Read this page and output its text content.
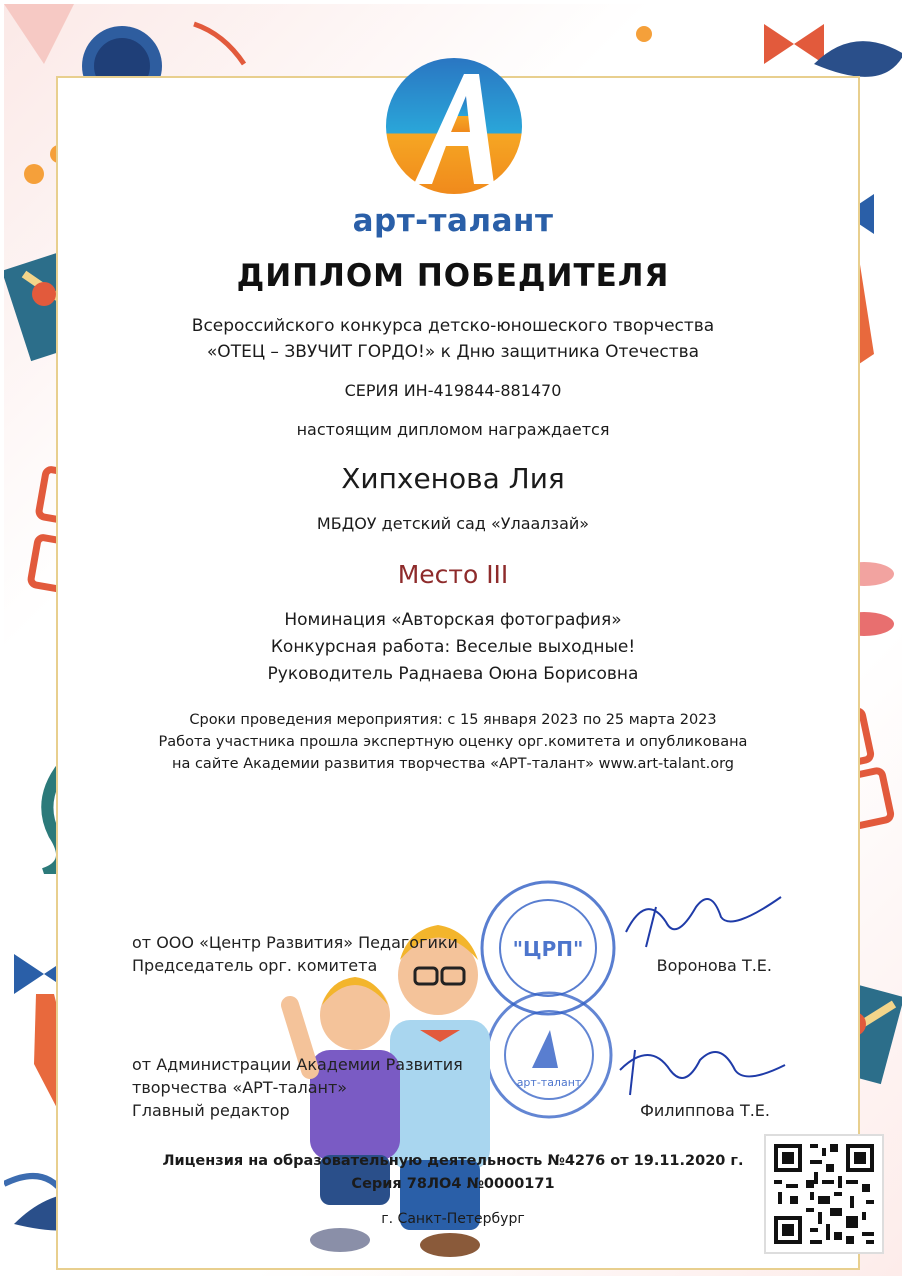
арт-талант
ДИПЛОМ ПОБЕДИТЕЛЯ
Всероссийского конкурса детско-юношеского творчества
«ОТЕЦ – ЗВУЧИТ ГОРДО!» к Дню защитника Отечества
СЕРИЯ ИН-419844-881470
настоящим дипломом награждается
Хипхенова Лия
МБДОУ детский сад «Улаалзай»
Место III
Номинация «Авторская фотография»
Конкурсная работа: Веселые выходные!
Руководитель Раднаева Оюна Борисовна
Сроки проведения мероприятия: с 15 января 2023 по 25 марта 2023
Работа участника прошла экспертную оценку орг.комитета и опубликована
на сайте Академии развития творчества «АРТ-талант» www.art-talant.org
"ЦРП"
арт-талант
от ООО «Центр Развития» Педагогики
Председатель орг. комитета	Воронова Т.Е.
от Администрации Академии Развития
творчества «АРТ-талант»
Главный редактор	Филиппова Т.Е.
Лицензия на образовательную деятельность №4276 от 19.11.2020 г.
Серия 78ЛО4 №0000171
г. Санкт-Петербург
